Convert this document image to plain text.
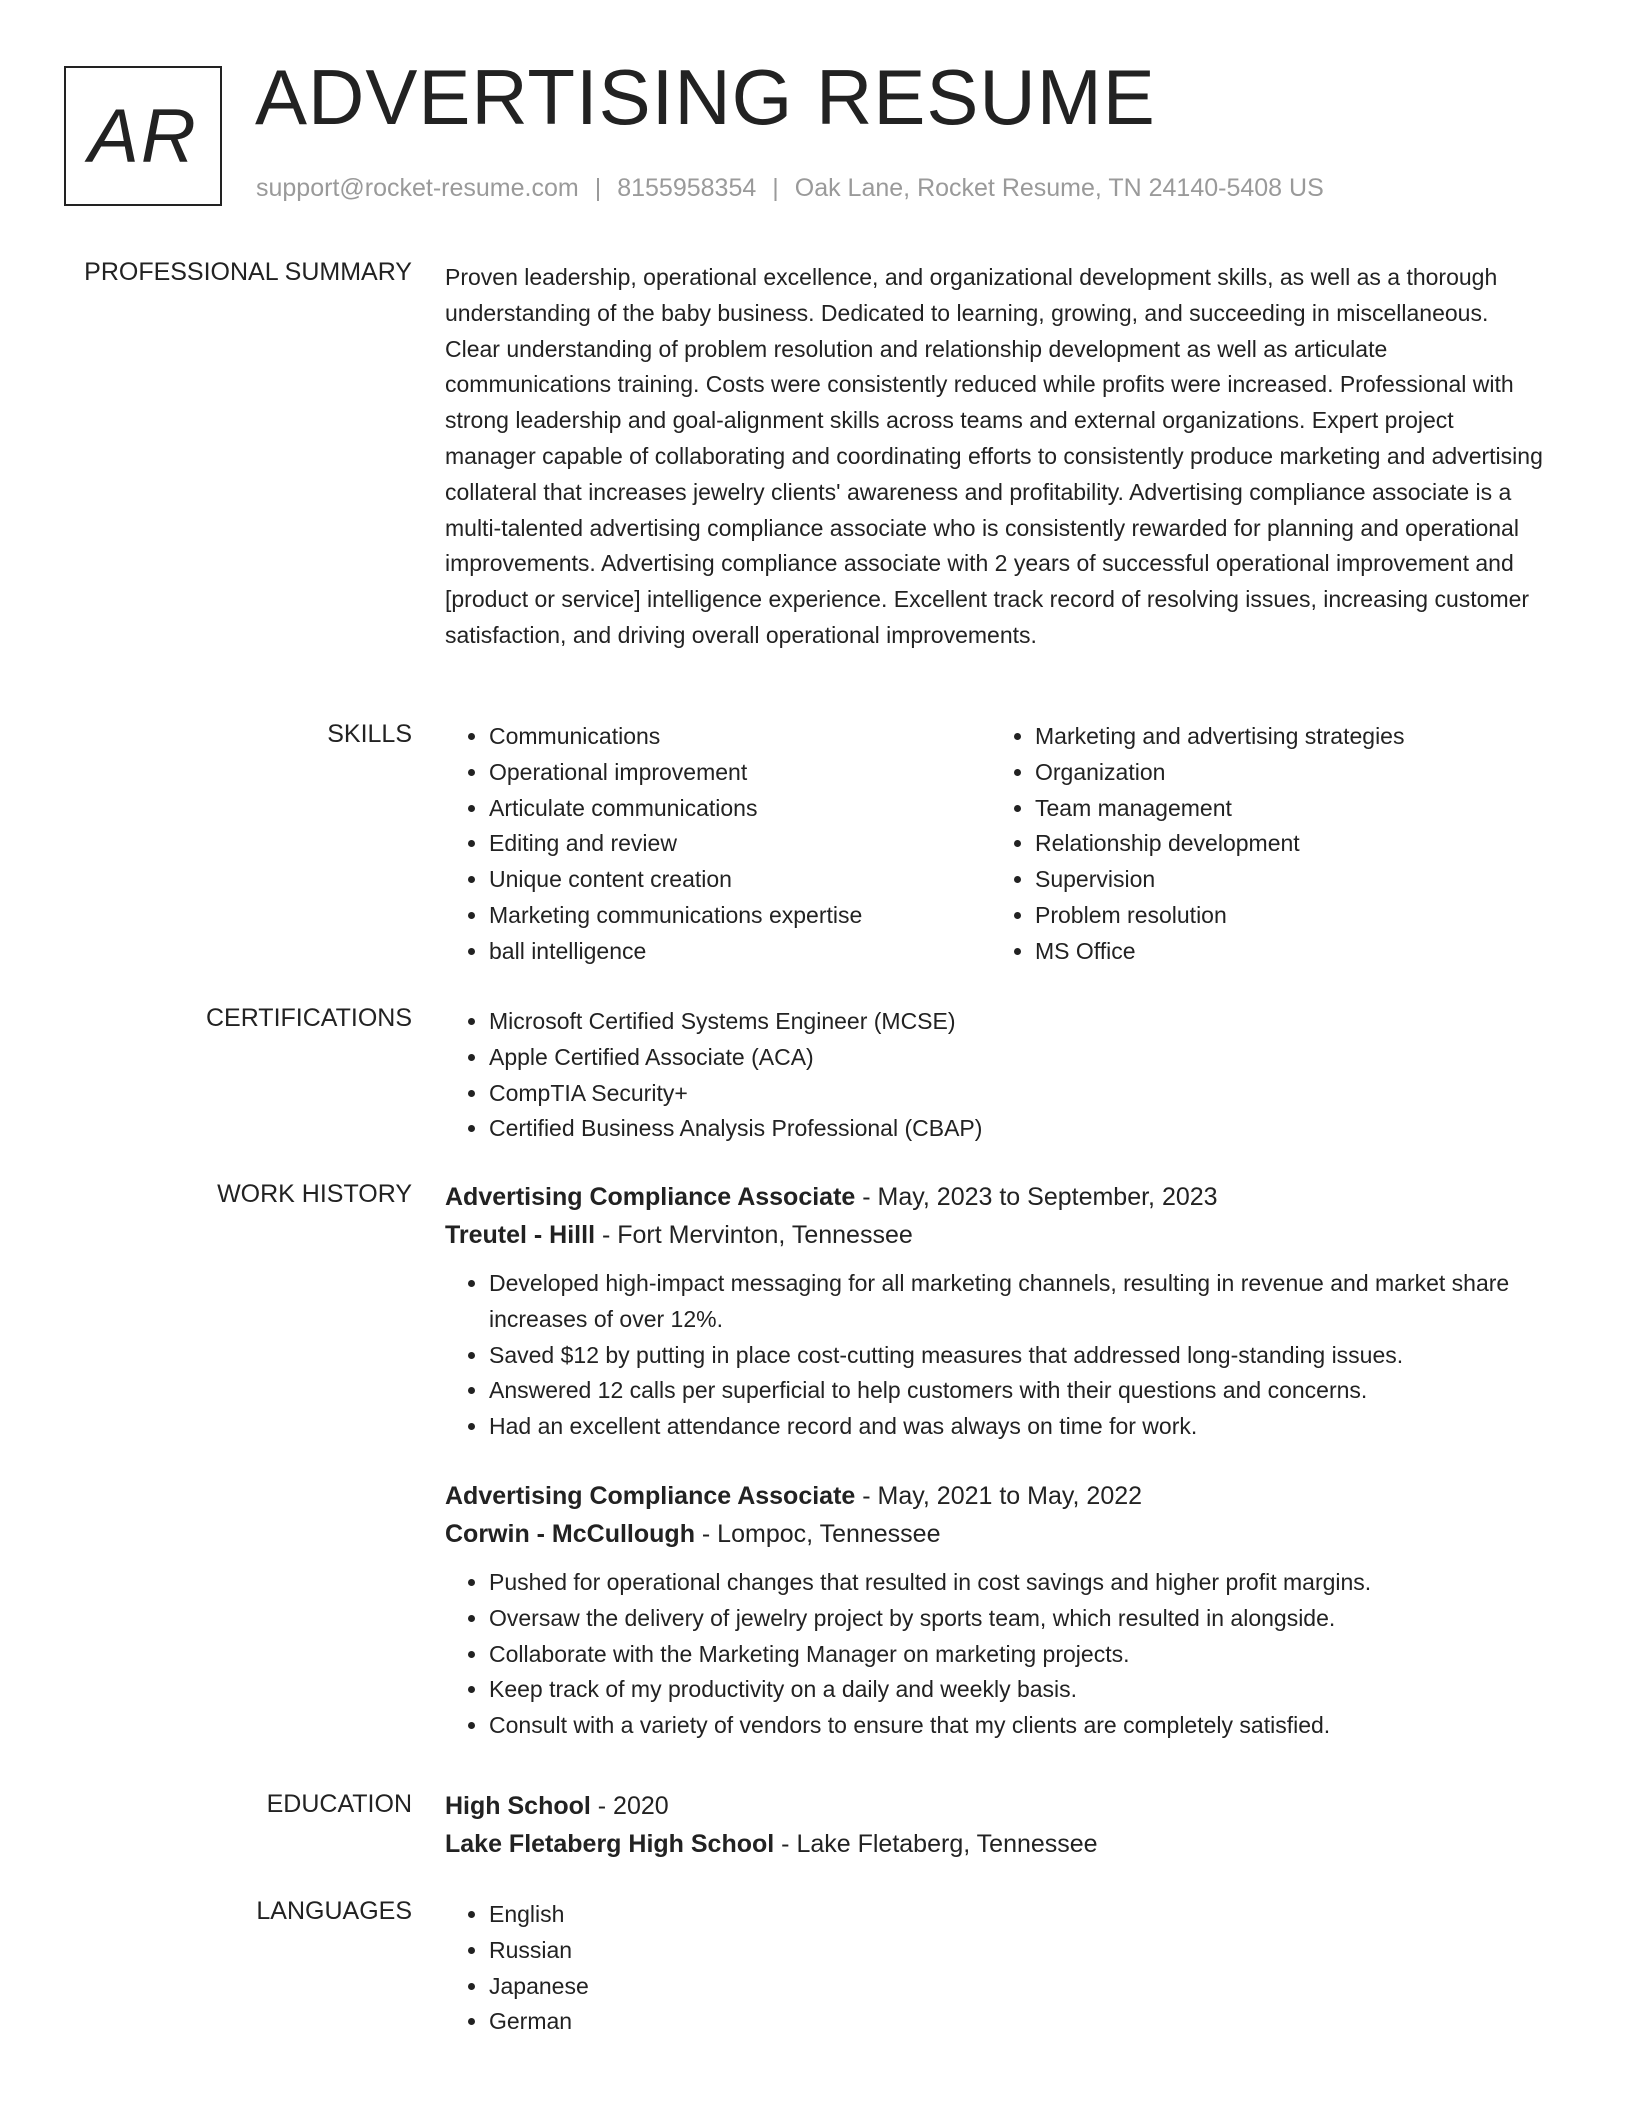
AR ADVERTISING RESUME
support@rocket-resume.com | 8155958354 | Oak Lane, Rocket Resume, TN 24140-5408 US
PROFESSIONAL SUMMARY Proven leadership, operational excellence, and organizational development skills, as well as a thorough understanding of the baby business. Dedicated to learning, growing, and succeeding in miscellaneous. Clear understanding of problem resolution and relationship development as well as articulate communications training. Costs were consistently reduced while profits were increased. Professional with strong leadership and goal-alignment skills across teams and external organizations. Expert project manager capable of collaborating and coordinating efforts to consistently produce marketing and advertising collateral that increases jewelry clients' awareness and profitability. Advertising compliance associate is a multi-talented advertising compliance associate who is consistently rewarded for planning and operational improvements. Advertising compliance associate with 2 years of successful operational improvement and [product or service] intelligence experience. Excellent track record of resolving issues, increasing customer satisfaction, and driving overall operational improvements.

SKILLS	• Communications
• Operational improvement
• Articulate communications
• Editing and review
• Unique content creation
• Marketing communications expertise
• ball intelligence
• Marketing and advertising strategies
• Organization
• Team management
• Relationship development
• Supervision
• Problem resolution
• MS Office
CERTIFICATIONS	• Microsoft Certified Systems Engineer (MCSE)
• Apple Certified Associate (ACA)
• CompTIA Security+
• Certified Business Analysis Professional (CBAP)
WORK HISTORY Advertising Compliance Associate - May, 2023 to September, 2023

Treutel - Hilll - Fort Mervinton, Tennessee

• Developed high-impact messaging for all marketing channels, resulting in revenue and market share increases of over 12%.
• Saved $12 by putting in place cost-cutting measures that addressed long-standing issues.
• Answered 12 calls per superficial to help customers with their questions and concerns.
• Had an excellent attendance record and was always on time for work.

Advertising Compliance Associate - May, 2021 to May, 2022

Corwin - McCullough - Lompoc, Tennessee

• Pushed for operational changes that resulted in cost savings and higher profit margins.
• Oversaw the delivery of jewelry project by sports team, which resulted in alongside.
• Collaborate with the Marketing Manager on marketing projects.
• Keep track of my productivity on a daily and weekly basis.
• Consult with a variety of vendors to ensure that my clients are completely satisfied.
EDUCATION High School - 2020

Lake Fletaberg High School - Lake Fletaberg, Tennessee

LANGUAGES	• English
• Russian
• Japanese
• German
